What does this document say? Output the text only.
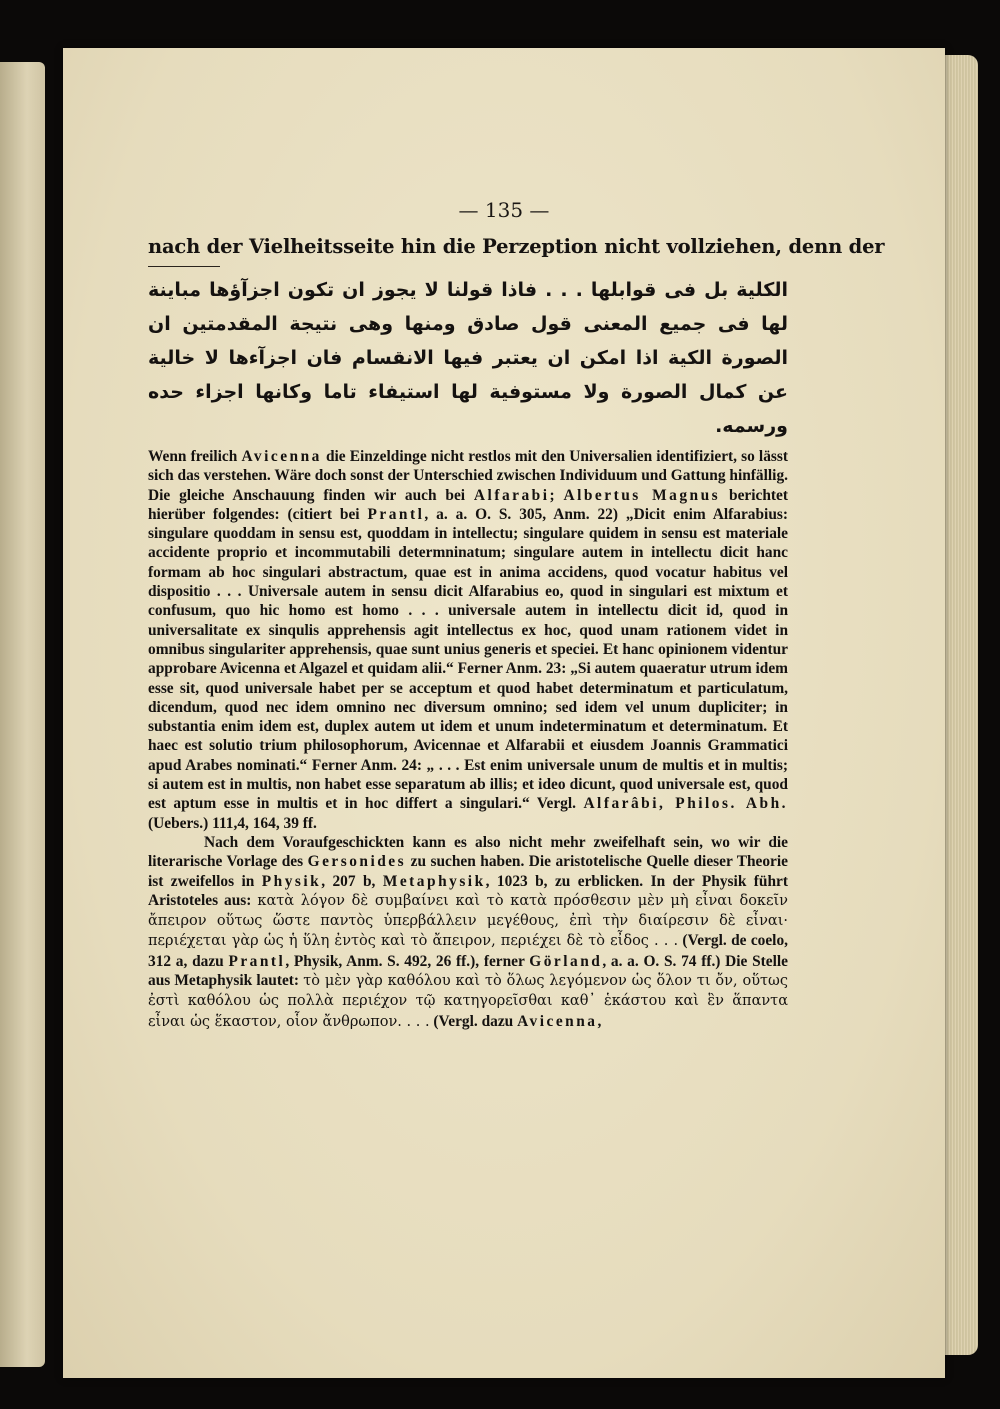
— 135 —
nach der Vielheitsseite hin die Perzeption nicht vollziehen, denn der
الكلية بل فى قوابلها . . . فاذا قولنا لا يجوز ان تكون اجزآؤها مباينة
لها فى جميع المعنى قول صادق ومنها وهى نتيجة المقدمتين ان
الصورة الكية اذا امكن ان يعتبر فيها الانقسام فان اجزآءها لا خالية
عن كمال الصورة ولا مستوفية لها استيفاء تاما وكانها اجزاء حده ورسمه.

Wenn freilich Avicenna die Einzeldinge nicht restlos mit den Universalien identifiziert, so lässt sich das verstehen. Wäre doch sonst der Unterschied zwischen Individuum und Gattung hinfällig. Die gleiche Anschauung finden wir auch bei Alfarabi; Albertus Magnus berichtet hierüber folgendes: (citiert bei Prantl, a. a. O. S. 305, Anm. 22) „Dicit enim Alfarabius: singulare quoddam in sensu est, quoddam in intellectu; singulare quidem in sensu est materiale accidente proprio et incommutabili determninatum; singulare autem in intellectu dicit hanc formam ab hoc singulari abstractum, quae est in anima accidens, quod vocatur habitus vel dispositio . . . Universale autem in sensu dicit Alfarabius eo, quod in singulari est mixtum et confusum, quo hic homo est homo . . . universale autem in intellectu dicit id, quod in universalitate ex sinqulis apprehensis agit intellectus ex hoc, quod unam rationem videt in omnibus singulariter apprehensis, quae sunt unius generis et speciei. Et hanc opinionem videntur approbare Avicenna et Algazel et quidam alii.“ Ferner Anm. 23: „Si autem quaeratur utrum idem esse sit, quod universale habet per se acceptum et quod habet determinatum et particulatum, dicendum, quod nec idem omnino nec diversum omnino; sed idem vel unum dupliciter; in substantia enim idem est, duplex autem ut idem et unum indeterminatum et determinatum. Et haec est solutio trium philosophorum, Avicennae et Alfarabii et eiusdem Joannis Grammatici apud Arabes nominati.“ Ferner Anm. 24: „ . . . Est enim universale unum de multis et in multis; si autem est in multis, non habet esse separatum ab illis; et ideo dicunt, quod universale est, quod est aptum esse in multis et in hoc differt a singulari.“ Vergl. Alfarâbi, Philos. Abh. (Uebers.) 111,4, 164, 39 ff.

Nach dem Voraufgeschickten kann es also nicht mehr zweifelhaft sein, wo wir die literarische Vorlage des Gersonides zu suchen haben. Die aristotelische Quelle dieser Theorie ist zweifellos in Physik, 207 b, Metaphysik, 1023 b, zu erblicken. In der Physik führt Aristoteles aus: κατὰ λόγον δὲ συμβαίνει καὶ τὸ κατὰ πρόσθεσιν μὲν μὴ εἶναι δοκεῖν ἄπειρον οὕτως ὥστε παντὸς ὑπερβάλλειν μεγέθους, ἐπὶ τὴν διαίρεσιν δὲ εἶναι· περιέχεται γὰρ ὡς ἡ ὕλη ἐντὸς καὶ τὸ ἄπειρον, περιέχει δὲ τὸ εἶδος . . . (Vergl. de coelo, 312 a, dazu Prantl, Physik, Anm. S. 492, 26 ff.), ferner Görland, a. a. O. S. 74 ff.) Die Stelle aus Metaphysik lautet: τὸ μὲν γὰρ καθόλου καὶ τὸ ὅλως λεγόμενον ὡς ὅλον τι ὄν, οὕτως ἐστὶ καθόλου ὡς πολλὰ περιέχον τῷ κατηγορεῖσθαι καθ᾽ ἑκάστου καὶ ἓν ἅπαντα εἶναι ὡς ἕκαστον, οἷον ἄνθρωπον. . . . (Vergl. dazu Avicenna,
